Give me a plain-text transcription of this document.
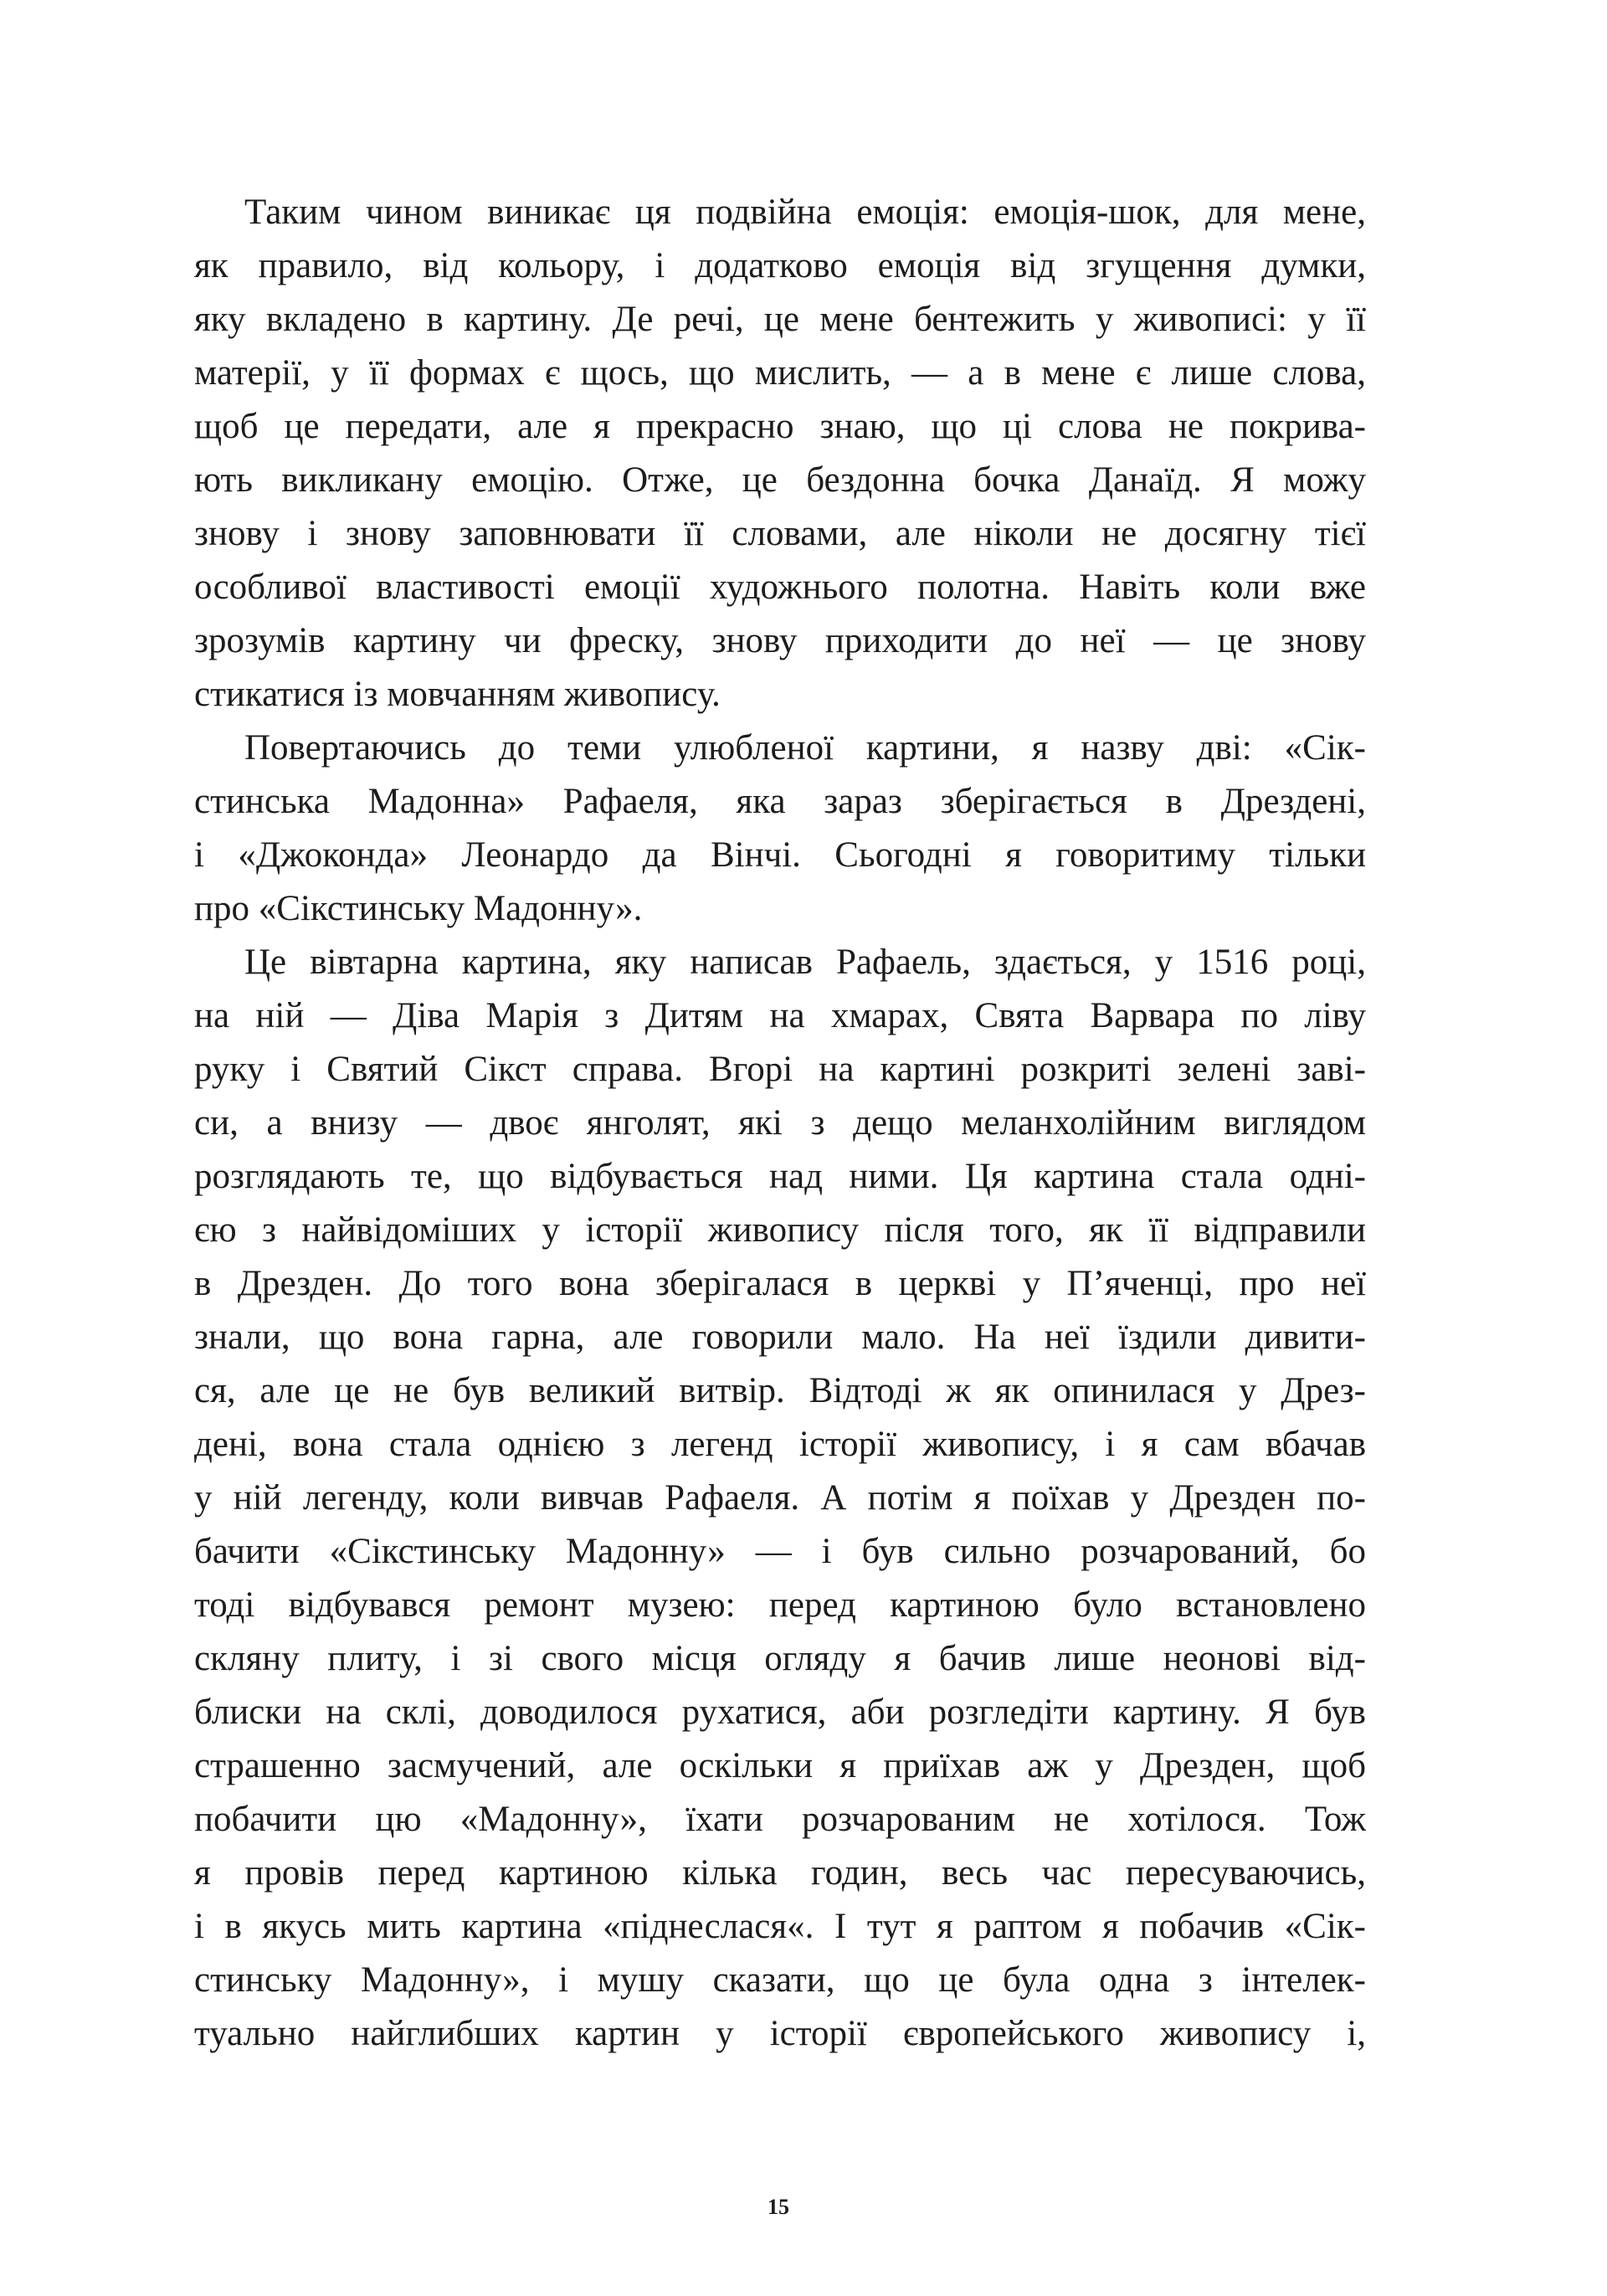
Таким чином виникає ця подвійна емоція: емоція-шок, для мене,
як правило, від кольору, і додатково емоція від згущення думки,
яку вкладено в картину. Де речі, це мене бентежить у живописі: у її
матерії, у її формах є щось, що мислить, — а в мене є лише слова,
щоб це передати, але я прекрасно знаю, що ці слова не покрива-
ють викликану емоцію. Отже, це бездонна бочка Данаїд. Я можу
знову і знову заповнювати її словами, але ніколи не досягну тієї
особливої властивості емоції художнього полотна. Навіть коли вже
зрозумів картину чи фреску, знову приходити до неї — це знову
стикатися із мовчанням живопису.
Повертаючись до теми улюбленої картини, я назву дві: «Сік-
стинська Мадонна» Рафаеля, яка зараз зберігається в Дрездені,
і «Джоконда» Леонардо да Вінчі. Сьогодні я говоритиму тільки
про «Сікстинську Мадонну».
Це вівтарна картина, яку написав Рафаель, здається, у 1516 році,
на ній — Діва Марія з Дитям на хмарах, Свята Варвара по ліву
руку і Святий Сікст справа. Вгорі на картині розкриті зелені заві-
си, а внизу — двоє янголят, які з дещо меланхолійним виглядом
розглядають те, що відбувається над ними. Ця картина стала одні-
єю з найвідоміших у історії живопису після того, як її відправили
в Дрезден. До того вона зберігалася в церкві у П’яченці, про неї
знали, що вона гарна, але говорили мало. На неї їздили дивити-
ся, але це не був великий витвір. Відтоді ж як опинилася у Дрез-
дені, вона стала однією з легенд історії живопису, і я сам вбачав
у ній легенду, коли вивчав Рафаеля. А потім я поїхав у Дрезден по-
бачити «Сікстинську Мадонну» — і був сильно розчарований, бо
тоді відбувався ремонт музею: перед картиною було встановлено
скляну плиту, і зі свого місця огляду я бачив лише неонові від-
блиски на склі, доводилося рухатися, аби розгледіти картину. Я був
страшенно засмучений, але оскільки я приїхав аж у Дрезден, щоб
побачити цю «Мадонну», їхати розчарованим не хотілося. Тож
я провів перед картиною кілька годин, весь час пересуваючись,
і в якусь мить картина «піднеслася«. І тут я раптом я побачив «Сік-
стинську Мадонну», і мушу сказати, що це була одна з інтелек-
туально найглибших картин у історії європейського живопису і,
15
